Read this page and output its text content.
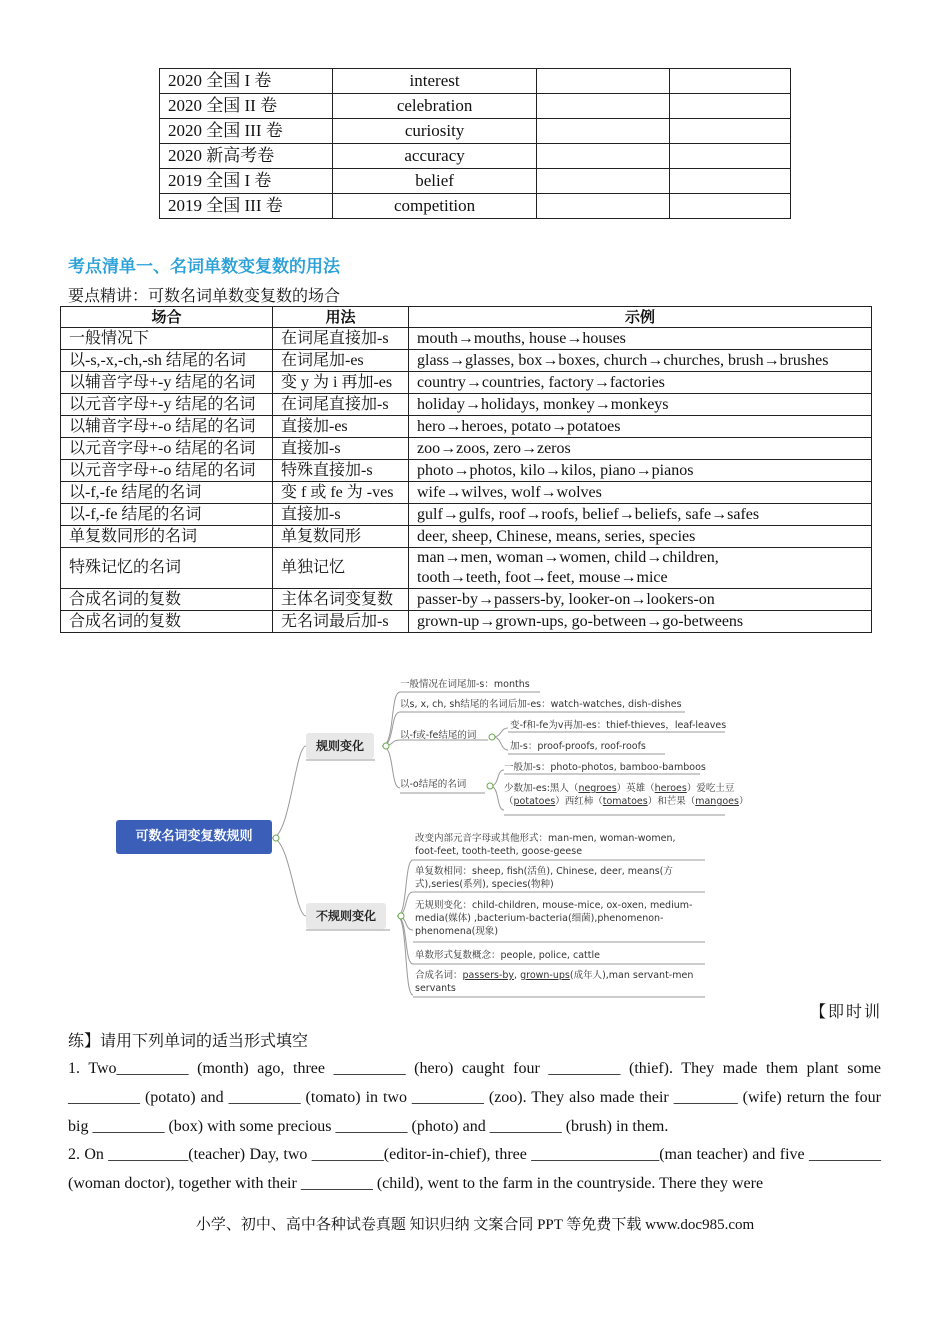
2020 全国 I 卷	interest		
2020 全国 II 卷	celebration		
2020 全国 III 卷	curiosity		
2020 新高考卷	accuracy		
2019 全国 I 卷	belief		
2019 全国 III 卷	competition		
考点清单一、名词单数变复数的用法
要点精讲：可数名词单数变复数的场合
场合	用法	示例
一般情况下	在词尾直接加-s	mouth→mouths, house→houses
以-s,-x,-ch,-sh 结尾的名词	在词尾加-es	glass→glasses, box→boxes, church→churches, brush→brushes
以辅音字母+-y 结尾的名词	变 y 为 i 再加-es	country→countries, factory→factories
以元音字母+-y 结尾的名词	在词尾直接加-s	holiday→holidays, monkey→monkeys
以辅音字母+-o 结尾的名词	直接加-es	hero→heroes, potato→potatoes
以元音字母+-o 结尾的名词	直接加-s	zoo→zoos, zero→zeros
以元音字母+-o 结尾的名词	特殊直接加-s	photo→photos, kilo→kilos, piano→pianos
以-f,-fe 结尾的名词	变 f 或 fe 为 -ves	wife→wilves, wolf→wolves
以-f,-fe 结尾的名词	直接加-s	gulf→gulfs, roof→roofs, belief→beliefs, safe→safes
单复数同形的名词	单复数同形	deer, sheep, Chinese, means, series, species
特殊记忆的名词	单独记忆	man→men, woman→women, child→children,
tooth→teeth, foot→feet, mouse→mice

合成名词的复数	主体名词变复数	passer-by→passers-by, looker-on→lookers-on
合成名词的复数	无名词最后加-s	grown-up→grown-ups, go-between→go-betweens
可数名词变复数规则
规则变化
不规则变化
一般情况在词尾加-s：months
以s, x, ch, sh结尾的名词后加-es：watch-watches, dish-dishes
以-f或-fe结尾的词
变-f和-fe为v再加-es：thief-thieves，leaf-leaves
加-s：proof-proofs, roof-roofs
以-o结尾的名词
一般加-s：photo-photos, bamboo-bamboos
少数加-es:黑人（negroes）英雄（heroes）爱吃土豆
（potatoes）西红柿（tomatoes）和芒果（mangoes）
改变内部元音字母或其他形式：man-men, woman-women,
foot-feet, tooth-teeth, goose-geese
单复数相同：sheep, fish(活鱼), Chinese, deer, means(方
式),series(系列), species(物种)
无规则变化：child-children, mouse-mice, ox-oxen, medium-media(媒体) ,bacterium-bacteria(细菌),phenomenon-phenomena(现象)
单数形式复数概念：people, police, cattle
合成名词：passers-by, grown-ups(成年人),man servant-men
servants
【即时训
练】请用下列单词的适当形式填空
1. Two_________ (month) ago, three _________ (hero) caught four _________ (thief). They made them plant some _________ (potato) and _________ (tomato) in two _________ (zoo). They also made their ________ (wife) return the four big _________ (box) with some precious _________ (photo) and _________ (brush) in them.
2. On __________(teacher) Day, two _________(editor-in-chief), three ________________(man teacher) and five _________ (woman doctor), together with their _________ (child), went to the farm in the countryside. There they were
小学、初中、高中各种试卷真题 知识归纳 文案合同 PPT 等免费下载 www.doc985.com
